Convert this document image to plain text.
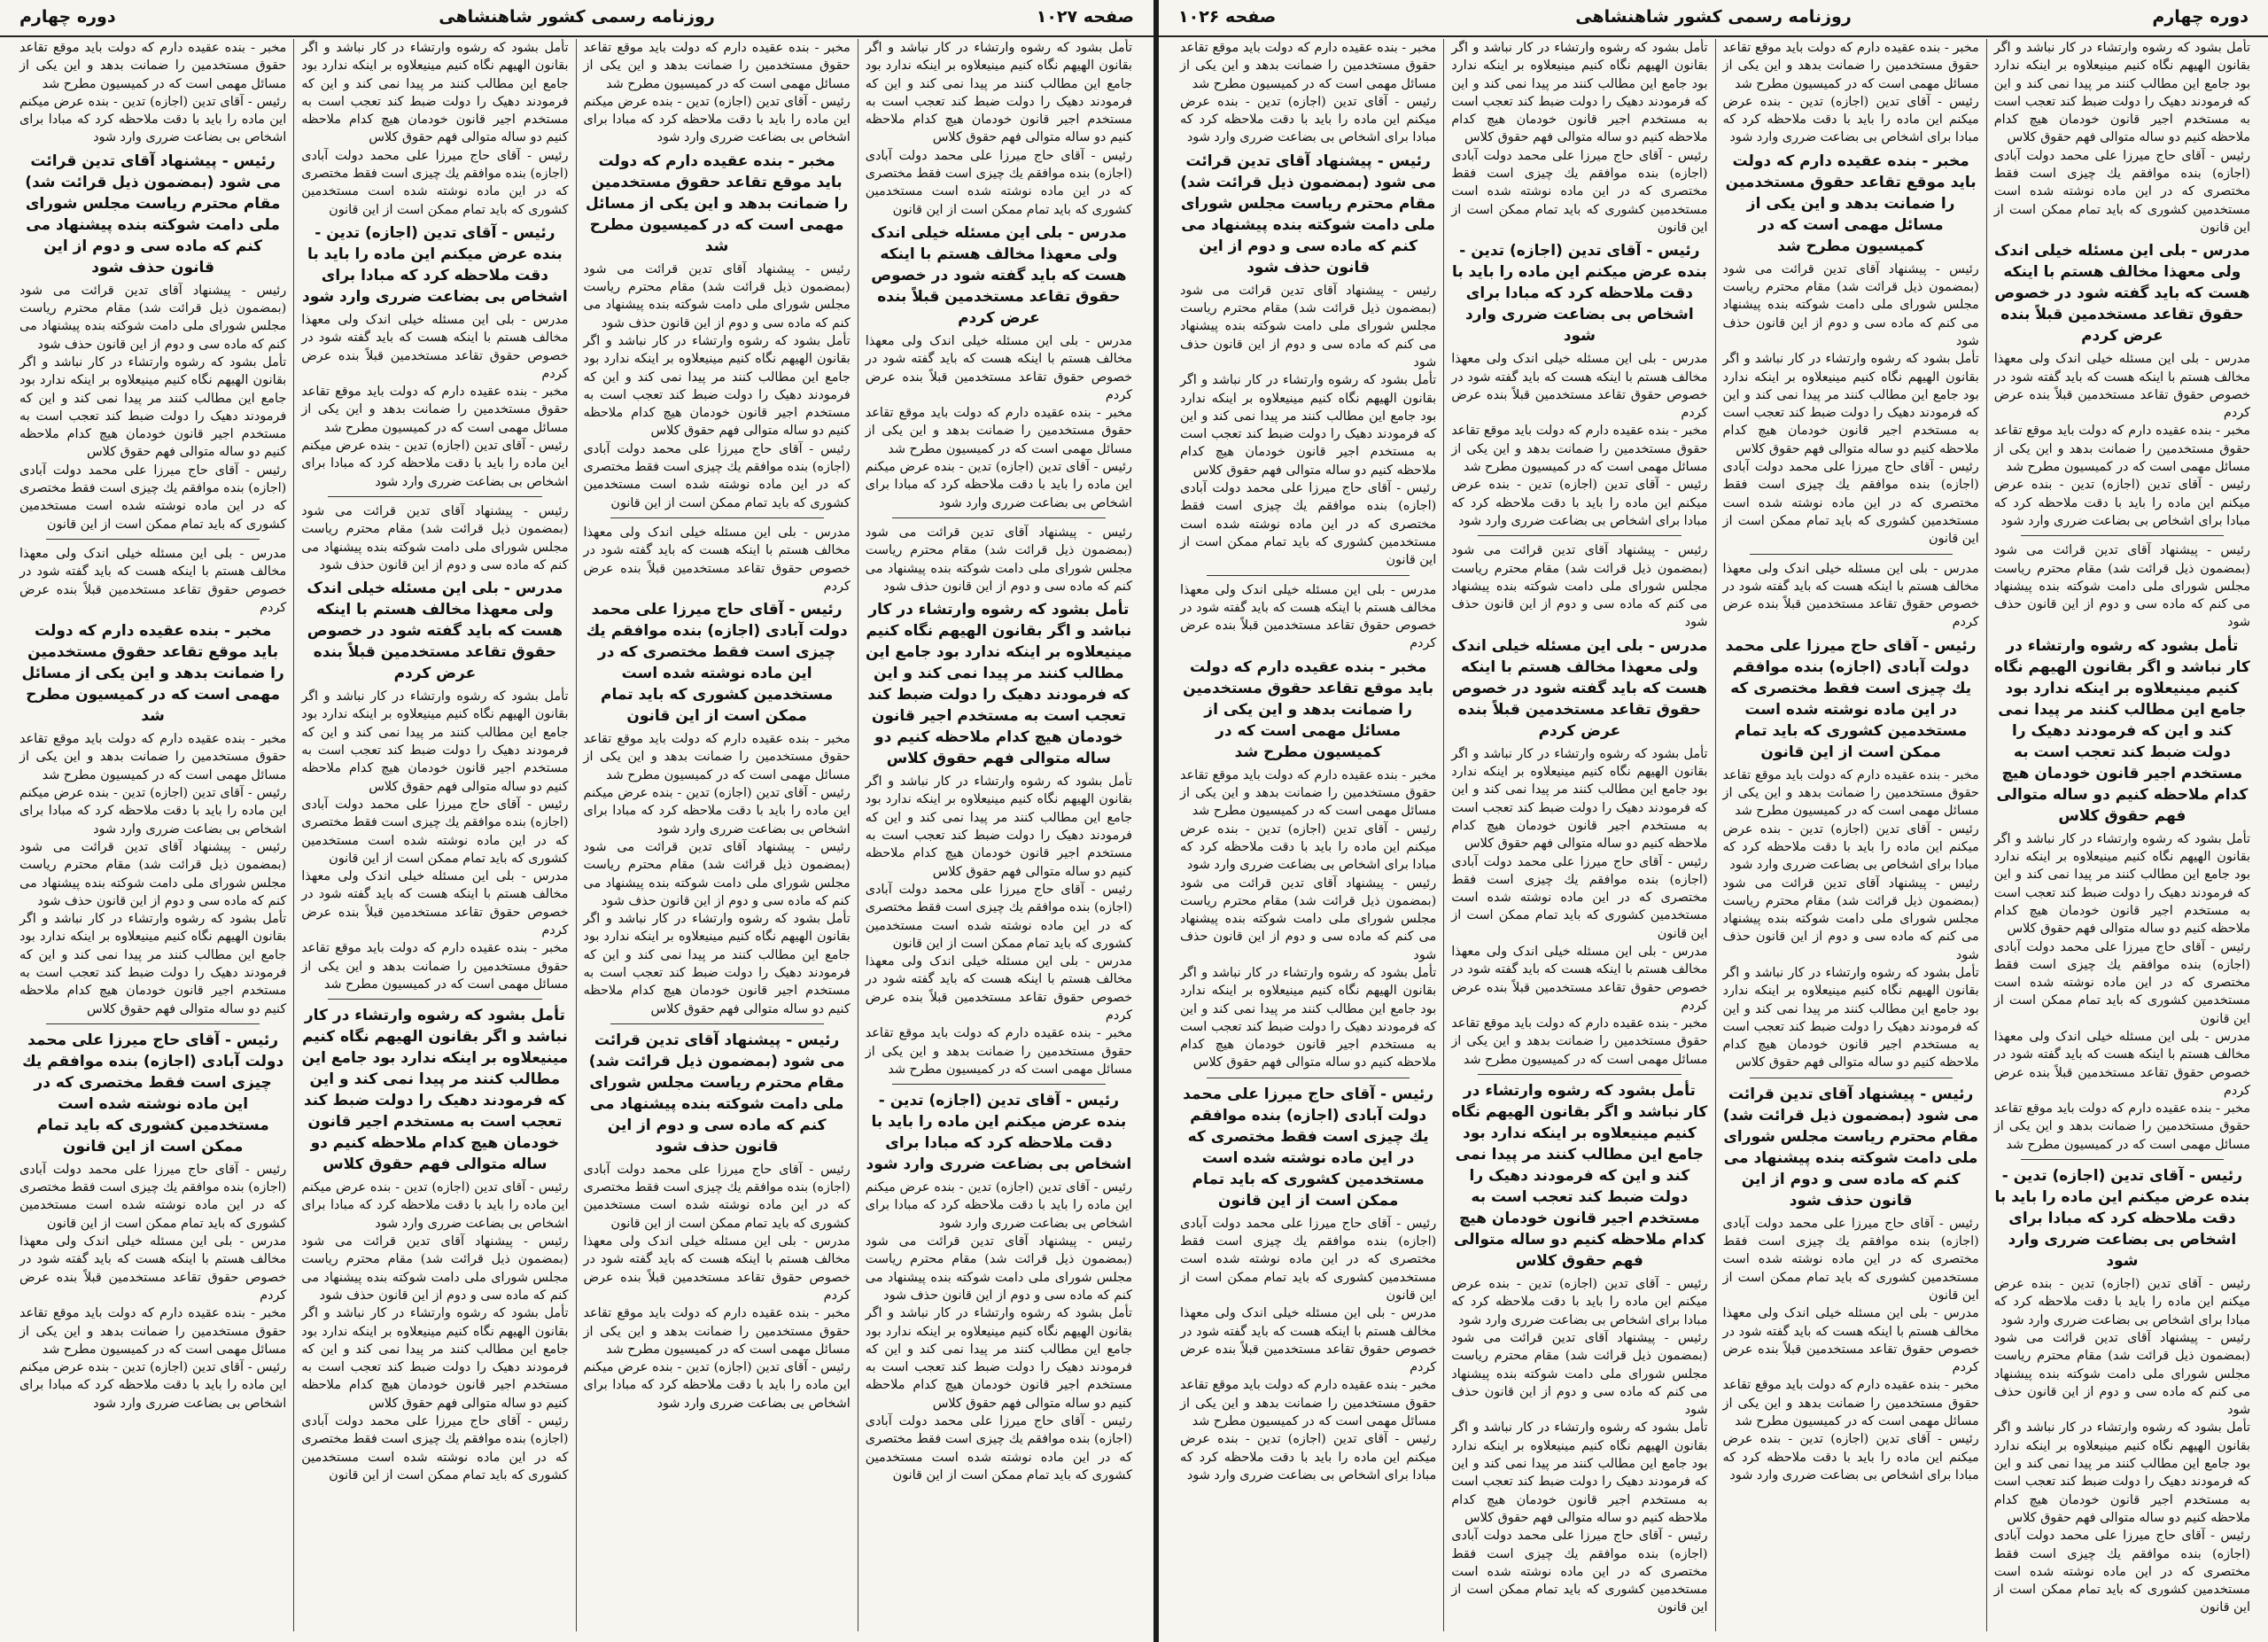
دوره چهارم	روزنامه رسمی کشور شاهنشاهی	صفحه ۱۰۲۷

تأمل بشود که رشوه وارتشاء در کار نباشد و اگر بقانون الهیهم نگاه کنیم مینیعلاوه بر اینکه ندارد بود جامع این مطالب کنند مر پیدا نمی کند و این که فرمودند دهیک را دولت ضبط کند تعجب است به مستخدم اجیر قانون خودمان هیچ کدام ملاحظه کنیم دو ساله متوالی فهم حقوق کلاس

رئیس - آقای حاج میرزا علی محمد دولت آبادی (اجازه) بنده موافقم یك چیزی است فقط مختصری که در این ماده نوشته شده است مستخدمین کشوری که باید تمام ممکن است از این قانون

مدرس - بلی این مسئله خیلی اندک ولی معهذا مخالف هستم با اینکه هست که باید گفته شود در خصوص حقوق تقاعد مستخدمین قبلاً بنده عرض کردم

مدرس - بلی این مسئله خیلی اندک ولی معهذا مخالف هستم با اینکه هست که باید گفته شود در خصوص حقوق تقاعد مستخدمین قبلاً بنده عرض کردم

مخبر - بنده عقیده دارم که دولت باید موقع تقاعد حقوق مستخدمین را ضمانت بدهد و این یکی از مسائل مهمی است که در کمیسیون مطرح شد

رئیس - آقای تدین (اجازه) تدین - بنده عرض میکنم این ماده را باید با دقت ملاحظه کرد که مبادا برای اشخاص بی بضاعت ضرری وارد شود

رئیس - پیشنهاد آقای تدین قرائت می شود (بمضمون ذیل قرائت شد) مقام محترم ریاست مجلس شورای ملی دامت شوکته بنده پیشنهاد می کنم که ماده سی و دوم از این قانون حذف شود

تأمل بشود که رشوه وارتشاء در کار نباشد و اگر بقانون الهیهم نگاه کنیم مینیعلاوه بر اینکه ندارد بود جامع این مطالب کنند مر پیدا نمی کند و این که فرمودند دهیک را دولت ضبط کند تعجب است به مستخدم اجیر قانون خودمان هیچ کدام ملاحظه کنیم دو ساله متوالی فهم حقوق کلاس

تأمل بشود که رشوه وارتشاء در کار نباشد و اگر بقانون الهیهم نگاه کنیم مینیعلاوه بر اینکه ندارد بود جامع این مطالب کنند مر پیدا نمی کند و این که فرمودند دهیک را دولت ضبط کند تعجب است به مستخدم اجیر قانون خودمان هیچ کدام ملاحظه کنیم دو ساله متوالی فهم حقوق کلاس

رئیس - آقای حاج میرزا علی محمد دولت آبادی (اجازه) بنده موافقم یك چیزی است فقط مختصری که در این ماده نوشته شده است مستخدمین کشوری که باید تمام ممکن است از این قانون

مدرس - بلی این مسئله خیلی اندک ولی معهذا مخالف هستم با اینکه هست که باید گفته شود در خصوص حقوق تقاعد مستخدمین قبلاً بنده عرض کردم

مخبر - بنده عقیده دارم که دولت باید موقع تقاعد حقوق مستخدمین را ضمانت بدهد و این یکی از مسائل مهمی است که در کمیسیون مطرح شد

رئیس - آقای تدین (اجازه) تدین - بنده عرض میکنم این ماده را باید با دقت ملاحظه کرد که مبادا برای اشخاص بی بضاعت ضرری وارد شود

رئیس - آقای تدین (اجازه) تدین - بنده عرض میکنم این ماده را باید با دقت ملاحظه کرد که مبادا برای اشخاص بی بضاعت ضرری وارد شود

رئیس - پیشنهاد آقای تدین قرائت می شود (بمضمون ذیل قرائت شد) مقام محترم ریاست مجلس شورای ملی دامت شوکته بنده پیشنهاد می کنم که ماده سی و دوم از این قانون حذف شود

تأمل بشود که رشوه وارتشاء در کار نباشد و اگر بقانون الهیهم نگاه کنیم مینیعلاوه بر اینکه ندارد بود جامع این مطالب کنند مر پیدا نمی کند و این که فرمودند دهیک را دولت ضبط کند تعجب است به مستخدم اجیر قانون خودمان هیچ کدام ملاحظه کنیم دو ساله متوالی فهم حقوق کلاس

رئیس - آقای حاج میرزا علی محمد دولت آبادی (اجازه) بنده موافقم یك چیزی است فقط مختصری که در این ماده نوشته شده است مستخدمین کشوری که باید تمام ممکن است از این قانون

مخبر - بنده عقیده دارم که دولت باید موقع تقاعد حقوق مستخدمین را ضمانت بدهد و این یکی از مسائل مهمی است که در کمیسیون مطرح شد

رئیس - آقای تدین (اجازه) تدین - بنده عرض میکنم این ماده را باید با دقت ملاحظه کرد که مبادا برای اشخاص بی بضاعت ضرری وارد شود

مخبر - بنده عقیده دارم که دولت باید موقع تقاعد حقوق مستخدمین را ضمانت بدهد و این یکی از مسائل مهمی است که در کمیسیون مطرح شد

رئیس - پیشنهاد آقای تدین قرائت می شود (بمضمون ذیل قرائت شد) مقام محترم ریاست مجلس شورای ملی دامت شوکته بنده پیشنهاد می کنم که ماده سی و دوم از این قانون حذف شود

تأمل بشود که رشوه وارتشاء در کار نباشد و اگر بقانون الهیهم نگاه کنیم مینیعلاوه بر اینکه ندارد بود جامع این مطالب کنند مر پیدا نمی کند و این که فرمودند دهیک را دولت ضبط کند تعجب است به مستخدم اجیر قانون خودمان هیچ کدام ملاحظه کنیم دو ساله متوالی فهم حقوق کلاس

رئیس - آقای حاج میرزا علی محمد دولت آبادی (اجازه) بنده موافقم یك چیزی است فقط مختصری که در این ماده نوشته شده است مستخدمین کشوری که باید تمام ممکن است از این قانون

مدرس - بلی این مسئله خیلی اندک ولی معهذا مخالف هستم با اینکه هست که باید گفته شود در خصوص حقوق تقاعد مستخدمین قبلاً بنده عرض کردم

رئیس - آقای حاج میرزا علی محمد دولت آبادی (اجازه) بنده موافقم یك چیزی است فقط مختصری که در این ماده نوشته شده است مستخدمین کشوری که باید تمام ممکن است از این قانون

مخبر - بنده عقیده دارم که دولت باید موقع تقاعد حقوق مستخدمین را ضمانت بدهد و این یکی از مسائل مهمی است که در کمیسیون مطرح شد

رئیس - آقای تدین (اجازه) تدین - بنده عرض میکنم این ماده را باید با دقت ملاحظه کرد که مبادا برای اشخاص بی بضاعت ضرری وارد شود

رئیس - پیشنهاد آقای تدین قرائت می شود (بمضمون ذیل قرائت شد) مقام محترم ریاست مجلس شورای ملی دامت شوکته بنده پیشنهاد می کنم که ماده سی و دوم از این قانون حذف شود

تأمل بشود که رشوه وارتشاء در کار نباشد و اگر بقانون الهیهم نگاه کنیم مینیعلاوه بر اینکه ندارد بود جامع این مطالب کنند مر پیدا نمی کند و این که فرمودند دهیک را دولت ضبط کند تعجب است به مستخدم اجیر قانون خودمان هیچ کدام ملاحظه کنیم دو ساله متوالی فهم حقوق کلاس

رئیس - پیشنهاد آقای تدین قرائت می شود (بمضمون ذیل قرائت شد) مقام محترم ریاست مجلس شورای ملی دامت شوکته بنده پیشنهاد می کنم که ماده سی و دوم از این قانون حذف شود

رئیس - آقای حاج میرزا علی محمد دولت آبادی (اجازه) بنده موافقم یك چیزی است فقط مختصری که در این ماده نوشته شده است مستخدمین کشوری که باید تمام ممکن است از این قانون

مدرس - بلی این مسئله خیلی اندک ولی معهذا مخالف هستم با اینکه هست که باید گفته شود در خصوص حقوق تقاعد مستخدمین قبلاً بنده عرض کردم

مخبر - بنده عقیده دارم که دولت باید موقع تقاعد حقوق مستخدمین را ضمانت بدهد و این یکی از مسائل مهمی است که در کمیسیون مطرح شد

رئیس - آقای تدین (اجازه) تدین - بنده عرض میکنم این ماده را باید با دقت ملاحظه کرد که مبادا برای اشخاص بی بضاعت ضرری وارد شود

تأمل بشود که رشوه وارتشاء در کار نباشد و اگر بقانون الهیهم نگاه کنیم مینیعلاوه بر اینکه ندارد بود جامع این مطالب کنند مر پیدا نمی کند و این که فرمودند دهیک را دولت ضبط کند تعجب است به مستخدم اجیر قانون خودمان هیچ کدام ملاحظه کنیم دو ساله متوالی فهم حقوق کلاس

رئیس - آقای حاج میرزا علی محمد دولت آبادی (اجازه) بنده موافقم یك چیزی است فقط مختصری که در این ماده نوشته شده است مستخدمین کشوری که باید تمام ممکن است از این قانون

رئیس - آقای تدین (اجازه) تدین - بنده عرض میکنم این ماده را باید با دقت ملاحظه کرد که مبادا برای اشخاص بی بضاعت ضرری وارد شود

مدرس - بلی این مسئله خیلی اندک ولی معهذا مخالف هستم با اینکه هست که باید گفته شود در خصوص حقوق تقاعد مستخدمین قبلاً بنده عرض کردم

مخبر - بنده عقیده دارم که دولت باید موقع تقاعد حقوق مستخدمین را ضمانت بدهد و این یکی از مسائل مهمی است که در کمیسیون مطرح شد

رئیس - آقای تدین (اجازه) تدین - بنده عرض میکنم این ماده را باید با دقت ملاحظه کرد که مبادا برای اشخاص بی بضاعت ضرری وارد شود

رئیس - پیشنهاد آقای تدین قرائت می شود (بمضمون ذیل قرائت شد) مقام محترم ریاست مجلس شورای ملی دامت شوکته بنده پیشنهاد می کنم که ماده سی و دوم از این قانون حذف شود

مدرس - بلی این مسئله خیلی اندک ولی معهذا مخالف هستم با اینکه هست که باید گفته شود در خصوص حقوق تقاعد مستخدمین قبلاً بنده عرض کردم

تأمل بشود که رشوه وارتشاء در کار نباشد و اگر بقانون الهیهم نگاه کنیم مینیعلاوه بر اینکه ندارد بود جامع این مطالب کنند مر پیدا نمی کند و این که فرمودند دهیک را دولت ضبط کند تعجب است به مستخدم اجیر قانون خودمان هیچ کدام ملاحظه کنیم دو ساله متوالی فهم حقوق کلاس

رئیس - آقای حاج میرزا علی محمد دولت آبادی (اجازه) بنده موافقم یك چیزی است فقط مختصری که در این ماده نوشته شده است مستخدمین کشوری که باید تمام ممکن است از این قانون

مدرس - بلی این مسئله خیلی اندک ولی معهذا مخالف هستم با اینکه هست که باید گفته شود در خصوص حقوق تقاعد مستخدمین قبلاً بنده عرض کردم

مخبر - بنده عقیده دارم که دولت باید موقع تقاعد حقوق مستخدمین را ضمانت بدهد و این یکی از مسائل مهمی است که در کمیسیون مطرح شد

تأمل بشود که رشوه وارتشاء در کار نباشد و اگر بقانون الهیهم نگاه کنیم مینیعلاوه بر اینکه ندارد بود جامع این مطالب کنند مر پیدا نمی کند و این که فرمودند دهیک را دولت ضبط کند تعجب است به مستخدم اجیر قانون خودمان هیچ کدام ملاحظه کنیم دو ساله متوالی فهم حقوق کلاس

رئیس - آقای تدین (اجازه) تدین - بنده عرض میکنم این ماده را باید با دقت ملاحظه کرد که مبادا برای اشخاص بی بضاعت ضرری وارد شود

رئیس - پیشنهاد آقای تدین قرائت می شود (بمضمون ذیل قرائت شد) مقام محترم ریاست مجلس شورای ملی دامت شوکته بنده پیشنهاد می کنم که ماده سی و دوم از این قانون حذف شود

تأمل بشود که رشوه وارتشاء در کار نباشد و اگر بقانون الهیهم نگاه کنیم مینیعلاوه بر اینکه ندارد بود جامع این مطالب کنند مر پیدا نمی کند و این که فرمودند دهیک را دولت ضبط کند تعجب است به مستخدم اجیر قانون خودمان هیچ کدام ملاحظه کنیم دو ساله متوالی فهم حقوق کلاس

رئیس - آقای حاج میرزا علی محمد دولت آبادی (اجازه) بنده موافقم یك چیزی است فقط مختصری که در این ماده نوشته شده است مستخدمین کشوری که باید تمام ممکن است از این قانون

مخبر - بنده عقیده دارم که دولت باید موقع تقاعد حقوق مستخدمین را ضمانت بدهد و این یکی از مسائل مهمی است که در کمیسیون مطرح شد

رئیس - آقای تدین (اجازه) تدین - بنده عرض میکنم این ماده را باید با دقت ملاحظه کرد که مبادا برای اشخاص بی بضاعت ضرری وارد شود

رئیس - پیشنهاد آقای تدین قرائت می شود (بمضمون ذیل قرائت شد) مقام محترم ریاست مجلس شورای ملی دامت شوکته بنده پیشنهاد می کنم که ماده سی و دوم از این قانون حذف شود

رئیس - پیشنهاد آقای تدین قرائت می شود (بمضمون ذیل قرائت شد) مقام محترم ریاست مجلس شورای ملی دامت شوکته بنده پیشنهاد می کنم که ماده سی و دوم از این قانون حذف شود

تأمل بشود که رشوه وارتشاء در کار نباشد و اگر بقانون الهیهم نگاه کنیم مینیعلاوه بر اینکه ندارد بود جامع این مطالب کنند مر پیدا نمی کند و این که فرمودند دهیک را دولت ضبط کند تعجب است به مستخدم اجیر قانون خودمان هیچ کدام ملاحظه کنیم دو ساله متوالی فهم حقوق کلاس

رئیس - آقای حاج میرزا علی محمد دولت آبادی (اجازه) بنده موافقم یك چیزی است فقط مختصری که در این ماده نوشته شده است مستخدمین کشوری که باید تمام ممکن است از این قانون

مدرس - بلی این مسئله خیلی اندک ولی معهذا مخالف هستم با اینکه هست که باید گفته شود در خصوص حقوق تقاعد مستخدمین قبلاً بنده عرض کردم

مخبر - بنده عقیده دارم که دولت باید موقع تقاعد حقوق مستخدمین را ضمانت بدهد و این یکی از مسائل مهمی است که در کمیسیون مطرح شد

مخبر - بنده عقیده دارم که دولت باید موقع تقاعد حقوق مستخدمین را ضمانت بدهد و این یکی از مسائل مهمی است که در کمیسیون مطرح شد

رئیس - آقای تدین (اجازه) تدین - بنده عرض میکنم این ماده را باید با دقت ملاحظه کرد که مبادا برای اشخاص بی بضاعت ضرری وارد شود

رئیس - پیشنهاد آقای تدین قرائت می شود (بمضمون ذیل قرائت شد) مقام محترم ریاست مجلس شورای ملی دامت شوکته بنده پیشنهاد می کنم که ماده سی و دوم از این قانون حذف شود

تأمل بشود که رشوه وارتشاء در کار نباشد و اگر بقانون الهیهم نگاه کنیم مینیعلاوه بر اینکه ندارد بود جامع این مطالب کنند مر پیدا نمی کند و این که فرمودند دهیک را دولت ضبط کند تعجب است به مستخدم اجیر قانون خودمان هیچ کدام ملاحظه کنیم دو ساله متوالی فهم حقوق کلاس

رئیس - آقای حاج میرزا علی محمد دولت آبادی (اجازه) بنده موافقم یك چیزی است فقط مختصری که در این ماده نوشته شده است مستخدمین کشوری که باید تمام ممکن است از این قانون

رئیس - آقای حاج میرزا علی محمد دولت آبادی (اجازه) بنده موافقم یك چیزی است فقط مختصری که در این ماده نوشته شده است مستخدمین کشوری که باید تمام ممکن است از این قانون

مدرس - بلی این مسئله خیلی اندک ولی معهذا مخالف هستم با اینکه هست که باید گفته شود در خصوص حقوق تقاعد مستخدمین قبلاً بنده عرض کردم

مخبر - بنده عقیده دارم که دولت باید موقع تقاعد حقوق مستخدمین را ضمانت بدهد و این یکی از مسائل مهمی است که در کمیسیون مطرح شد

رئیس - آقای تدین (اجازه) تدین - بنده عرض میکنم این ماده را باید با دقت ملاحظه کرد که مبادا برای اشخاص بی بضاعت ضرری وارد شود

صفحه ۱۰۲۶	روزنامه رسمی کشور شاهنشاهی	دوره چهارم

تأمل بشود که رشوه وارتشاء در کار نباشد و اگر بقانون الهیهم نگاه کنیم مینیعلاوه بر اینکه ندارد بود جامع این مطالب کنند مر پیدا نمی کند و این که فرمودند دهیک را دولت ضبط کند تعجب است به مستخدم اجیر قانون خودمان هیچ کدام ملاحظه کنیم دو ساله متوالی فهم حقوق کلاس

رئیس - آقای حاج میرزا علی محمد دولت آبادی (اجازه) بنده موافقم یك چیزی است فقط مختصری که در این ماده نوشته شده است مستخدمین کشوری که باید تمام ممکن است از این قانون

مدرس - بلی این مسئله خیلی اندک ولی معهذا مخالف هستم با اینکه هست که باید گفته شود در خصوص حقوق تقاعد مستخدمین قبلاً بنده عرض کردم

مدرس - بلی این مسئله خیلی اندک ولی معهذا مخالف هستم با اینکه هست که باید گفته شود در خصوص حقوق تقاعد مستخدمین قبلاً بنده عرض کردم

مخبر - بنده عقیده دارم که دولت باید موقع تقاعد حقوق مستخدمین را ضمانت بدهد و این یکی از مسائل مهمی است که در کمیسیون مطرح شد

رئیس - آقای تدین (اجازه) تدین - بنده عرض میکنم این ماده را باید با دقت ملاحظه کرد که مبادا برای اشخاص بی بضاعت ضرری وارد شود

رئیس - پیشنهاد آقای تدین قرائت می شود (بمضمون ذیل قرائت شد) مقام محترم ریاست مجلس شورای ملی دامت شوکته بنده پیشنهاد می کنم که ماده سی و دوم از این قانون حذف شود

تأمل بشود که رشوه وارتشاء در کار نباشد و اگر بقانون الهیهم نگاه کنیم مینیعلاوه بر اینکه ندارد بود جامع این مطالب کنند مر پیدا نمی کند و این که فرمودند دهیک را دولت ضبط کند تعجب است به مستخدم اجیر قانون خودمان هیچ کدام ملاحظه کنیم دو ساله متوالی فهم حقوق کلاس

تأمل بشود که رشوه وارتشاء در کار نباشد و اگر بقانون الهیهم نگاه کنیم مینیعلاوه بر اینکه ندارد بود جامع این مطالب کنند مر پیدا نمی کند و این که فرمودند دهیک را دولت ضبط کند تعجب است به مستخدم اجیر قانون خودمان هیچ کدام ملاحظه کنیم دو ساله متوالی فهم حقوق کلاس

رئیس - آقای حاج میرزا علی محمد دولت آبادی (اجازه) بنده موافقم یك چیزی است فقط مختصری که در این ماده نوشته شده است مستخدمین کشوری که باید تمام ممکن است از این قانون

مدرس - بلی این مسئله خیلی اندک ولی معهذا مخالف هستم با اینکه هست که باید گفته شود در خصوص حقوق تقاعد مستخدمین قبلاً بنده عرض کردم

مخبر - بنده عقیده دارم که دولت باید موقع تقاعد حقوق مستخدمین را ضمانت بدهد و این یکی از مسائل مهمی است که در کمیسیون مطرح شد

رئیس - آقای تدین (اجازه) تدین - بنده عرض میکنم این ماده را باید با دقت ملاحظه کرد که مبادا برای اشخاص بی بضاعت ضرری وارد شود

رئیس - آقای تدین (اجازه) تدین - بنده عرض میکنم این ماده را باید با دقت ملاحظه کرد که مبادا برای اشخاص بی بضاعت ضرری وارد شود

رئیس - پیشنهاد آقای تدین قرائت می شود (بمضمون ذیل قرائت شد) مقام محترم ریاست مجلس شورای ملی دامت شوکته بنده پیشنهاد می کنم که ماده سی و دوم از این قانون حذف شود

تأمل بشود که رشوه وارتشاء در کار نباشد و اگر بقانون الهیهم نگاه کنیم مینیعلاوه بر اینکه ندارد بود جامع این مطالب کنند مر پیدا نمی کند و این که فرمودند دهیک را دولت ضبط کند تعجب است به مستخدم اجیر قانون خودمان هیچ کدام ملاحظه کنیم دو ساله متوالی فهم حقوق کلاس

رئیس - آقای حاج میرزا علی محمد دولت آبادی (اجازه) بنده موافقم یك چیزی است فقط مختصری که در این ماده نوشته شده است مستخدمین کشوری که باید تمام ممکن است از این قانون

مخبر - بنده عقیده دارم که دولت باید موقع تقاعد حقوق مستخدمین را ضمانت بدهد و این یکی از مسائل مهمی است که در کمیسیون مطرح شد

رئیس - آقای تدین (اجازه) تدین - بنده عرض میکنم این ماده را باید با دقت ملاحظه کرد که مبادا برای اشخاص بی بضاعت ضرری وارد شود

مخبر - بنده عقیده دارم که دولت باید موقع تقاعد حقوق مستخدمین را ضمانت بدهد و این یکی از مسائل مهمی است که در کمیسیون مطرح شد

رئیس - پیشنهاد آقای تدین قرائت می شود (بمضمون ذیل قرائت شد) مقام محترم ریاست مجلس شورای ملی دامت شوکته بنده پیشنهاد می کنم که ماده سی و دوم از این قانون حذف شود

تأمل بشود که رشوه وارتشاء در کار نباشد و اگر بقانون الهیهم نگاه کنیم مینیعلاوه بر اینکه ندارد بود جامع این مطالب کنند مر پیدا نمی کند و این که فرمودند دهیک را دولت ضبط کند تعجب است به مستخدم اجیر قانون خودمان هیچ کدام ملاحظه کنیم دو ساله متوالی فهم حقوق کلاس

رئیس - آقای حاج میرزا علی محمد دولت آبادی (اجازه) بنده موافقم یك چیزی است فقط مختصری که در این ماده نوشته شده است مستخدمین کشوری که باید تمام ممکن است از این قانون

مدرس - بلی این مسئله خیلی اندک ولی معهذا مخالف هستم با اینکه هست که باید گفته شود در خصوص حقوق تقاعد مستخدمین قبلاً بنده عرض کردم

رئیس - آقای حاج میرزا علی محمد دولت آبادی (اجازه) بنده موافقم یك چیزی است فقط مختصری که در این ماده نوشته شده است مستخدمین کشوری که باید تمام ممکن است از این قانون

مخبر - بنده عقیده دارم که دولت باید موقع تقاعد حقوق مستخدمین را ضمانت بدهد و این یکی از مسائل مهمی است که در کمیسیون مطرح شد

رئیس - آقای تدین (اجازه) تدین - بنده عرض میکنم این ماده را باید با دقت ملاحظه کرد که مبادا برای اشخاص بی بضاعت ضرری وارد شود

رئیس - پیشنهاد آقای تدین قرائت می شود (بمضمون ذیل قرائت شد) مقام محترم ریاست مجلس شورای ملی دامت شوکته بنده پیشنهاد می کنم که ماده سی و دوم از این قانون حذف شود

تأمل بشود که رشوه وارتشاء در کار نباشد و اگر بقانون الهیهم نگاه کنیم مینیعلاوه بر اینکه ندارد بود جامع این مطالب کنند مر پیدا نمی کند و این که فرمودند دهیک را دولت ضبط کند تعجب است به مستخدم اجیر قانون خودمان هیچ کدام ملاحظه کنیم دو ساله متوالی فهم حقوق کلاس

رئیس - پیشنهاد آقای تدین قرائت می شود (بمضمون ذیل قرائت شد) مقام محترم ریاست مجلس شورای ملی دامت شوکته بنده پیشنهاد می کنم که ماده سی و دوم از این قانون حذف شود

رئیس - آقای حاج میرزا علی محمد دولت آبادی (اجازه) بنده موافقم یك چیزی است فقط مختصری که در این ماده نوشته شده است مستخدمین کشوری که باید تمام ممکن است از این قانون

مدرس - بلی این مسئله خیلی اندک ولی معهذا مخالف هستم با اینکه هست که باید گفته شود در خصوص حقوق تقاعد مستخدمین قبلاً بنده عرض کردم

مخبر - بنده عقیده دارم که دولت باید موقع تقاعد حقوق مستخدمین را ضمانت بدهد و این یکی از مسائل مهمی است که در کمیسیون مطرح شد

رئیس - آقای تدین (اجازه) تدین - بنده عرض میکنم این ماده را باید با دقت ملاحظه کرد که مبادا برای اشخاص بی بضاعت ضرری وارد شود

تأمل بشود که رشوه وارتشاء در کار نباشد و اگر بقانون الهیهم نگاه کنیم مینیعلاوه بر اینکه ندارد بود جامع این مطالب کنند مر پیدا نمی کند و این که فرمودند دهیک را دولت ضبط کند تعجب است به مستخدم اجیر قانون خودمان هیچ کدام ملاحظه کنیم دو ساله متوالی فهم حقوق کلاس

رئیس - آقای حاج میرزا علی محمد دولت آبادی (اجازه) بنده موافقم یك چیزی است فقط مختصری که در این ماده نوشته شده است مستخدمین کشوری که باید تمام ممکن است از این قانون

رئیس - آقای تدین (اجازه) تدین - بنده عرض میکنم این ماده را باید با دقت ملاحظه کرد که مبادا برای اشخاص بی بضاعت ضرری وارد شود

مدرس - بلی این مسئله خیلی اندک ولی معهذا مخالف هستم با اینکه هست که باید گفته شود در خصوص حقوق تقاعد مستخدمین قبلاً بنده عرض کردم

مخبر - بنده عقیده دارم که دولت باید موقع تقاعد حقوق مستخدمین را ضمانت بدهد و این یکی از مسائل مهمی است که در کمیسیون مطرح شد

رئیس - آقای تدین (اجازه) تدین - بنده عرض میکنم این ماده را باید با دقت ملاحظه کرد که مبادا برای اشخاص بی بضاعت ضرری وارد شود

رئیس - پیشنهاد آقای تدین قرائت می شود (بمضمون ذیل قرائت شد) مقام محترم ریاست مجلس شورای ملی دامت شوکته بنده پیشنهاد می کنم که ماده سی و دوم از این قانون حذف شود

مدرس - بلی این مسئله خیلی اندک ولی معهذا مخالف هستم با اینکه هست که باید گفته شود در خصوص حقوق تقاعد مستخدمین قبلاً بنده عرض کردم

تأمل بشود که رشوه وارتشاء در کار نباشد و اگر بقانون الهیهم نگاه کنیم مینیعلاوه بر اینکه ندارد بود جامع این مطالب کنند مر پیدا نمی کند و این که فرمودند دهیک را دولت ضبط کند تعجب است به مستخدم اجیر قانون خودمان هیچ کدام ملاحظه کنیم دو ساله متوالی فهم حقوق کلاس

رئیس - آقای حاج میرزا علی محمد دولت آبادی (اجازه) بنده موافقم یك چیزی است فقط مختصری که در این ماده نوشته شده است مستخدمین کشوری که باید تمام ممکن است از این قانون

مدرس - بلی این مسئله خیلی اندک ولی معهذا مخالف هستم با اینکه هست که باید گفته شود در خصوص حقوق تقاعد مستخدمین قبلاً بنده عرض کردم

مخبر - بنده عقیده دارم که دولت باید موقع تقاعد حقوق مستخدمین را ضمانت بدهد و این یکی از مسائل مهمی است که در کمیسیون مطرح شد

تأمل بشود که رشوه وارتشاء در کار نباشد و اگر بقانون الهیهم نگاه کنیم مینیعلاوه بر اینکه ندارد بود جامع این مطالب کنند مر پیدا نمی کند و این که فرمودند دهیک را دولت ضبط کند تعجب است به مستخدم اجیر قانون خودمان هیچ کدام ملاحظه کنیم دو ساله متوالی فهم حقوق کلاس

رئیس - آقای تدین (اجازه) تدین - بنده عرض میکنم این ماده را باید با دقت ملاحظه کرد که مبادا برای اشخاص بی بضاعت ضرری وارد شود

رئیس - پیشنهاد آقای تدین قرائت می شود (بمضمون ذیل قرائت شد) مقام محترم ریاست مجلس شورای ملی دامت شوکته بنده پیشنهاد می کنم که ماده سی و دوم از این قانون حذف شود

تأمل بشود که رشوه وارتشاء در کار نباشد و اگر بقانون الهیهم نگاه کنیم مینیعلاوه بر اینکه ندارد بود جامع این مطالب کنند مر پیدا نمی کند و این که فرمودند دهیک را دولت ضبط کند تعجب است به مستخدم اجیر قانون خودمان هیچ کدام ملاحظه کنیم دو ساله متوالی فهم حقوق کلاس

رئیس - آقای حاج میرزا علی محمد دولت آبادی (اجازه) بنده موافقم یك چیزی است فقط مختصری که در این ماده نوشته شده است مستخدمین کشوری که باید تمام ممکن است از این قانون

مخبر - بنده عقیده دارم که دولت باید موقع تقاعد حقوق مستخدمین را ضمانت بدهد و این یکی از مسائل مهمی است که در کمیسیون مطرح شد

رئیس - آقای تدین (اجازه) تدین - بنده عرض میکنم این ماده را باید با دقت ملاحظه کرد که مبادا برای اشخاص بی بضاعت ضرری وارد شود

رئیس - پیشنهاد آقای تدین قرائت می شود (بمضمون ذیل قرائت شد) مقام محترم ریاست مجلس شورای ملی دامت شوکته بنده پیشنهاد می کنم که ماده سی و دوم از این قانون حذف شود

رئیس - پیشنهاد آقای تدین قرائت می شود (بمضمون ذیل قرائت شد) مقام محترم ریاست مجلس شورای ملی دامت شوکته بنده پیشنهاد می کنم که ماده سی و دوم از این قانون حذف شود

تأمل بشود که رشوه وارتشاء در کار نباشد و اگر بقانون الهیهم نگاه کنیم مینیعلاوه بر اینکه ندارد بود جامع این مطالب کنند مر پیدا نمی کند و این که فرمودند دهیک را دولت ضبط کند تعجب است به مستخدم اجیر قانون خودمان هیچ کدام ملاحظه کنیم دو ساله متوالی فهم حقوق کلاس

رئیس - آقای حاج میرزا علی محمد دولت آبادی (اجازه) بنده موافقم یك چیزی است فقط مختصری که در این ماده نوشته شده است مستخدمین کشوری که باید تمام ممکن است از این قانون

مدرس - بلی این مسئله خیلی اندک ولی معهذا مخالف هستم با اینکه هست که باید گفته شود در خصوص حقوق تقاعد مستخدمین قبلاً بنده عرض کردم

مخبر - بنده عقیده دارم که دولت باید موقع تقاعد حقوق مستخدمین را ضمانت بدهد و این یکی از مسائل مهمی است که در کمیسیون مطرح شد

مخبر - بنده عقیده دارم که دولت باید موقع تقاعد حقوق مستخدمین را ضمانت بدهد و این یکی از مسائل مهمی است که در کمیسیون مطرح شد

رئیس - آقای تدین (اجازه) تدین - بنده عرض میکنم این ماده را باید با دقت ملاحظه کرد که مبادا برای اشخاص بی بضاعت ضرری وارد شود

رئیس - پیشنهاد آقای تدین قرائت می شود (بمضمون ذیل قرائت شد) مقام محترم ریاست مجلس شورای ملی دامت شوکته بنده پیشنهاد می کنم که ماده سی و دوم از این قانون حذف شود

تأمل بشود که رشوه وارتشاء در کار نباشد و اگر بقانون الهیهم نگاه کنیم مینیعلاوه بر اینکه ندارد بود جامع این مطالب کنند مر پیدا نمی کند و این که فرمودند دهیک را دولت ضبط کند تعجب است به مستخدم اجیر قانون خودمان هیچ کدام ملاحظه کنیم دو ساله متوالی فهم حقوق کلاس

رئیس - آقای حاج میرزا علی محمد دولت آبادی (اجازه) بنده موافقم یك چیزی است فقط مختصری که در این ماده نوشته شده است مستخدمین کشوری که باید تمام ممکن است از این قانون

رئیس - آقای حاج میرزا علی محمد دولت آبادی (اجازه) بنده موافقم یك چیزی است فقط مختصری که در این ماده نوشته شده است مستخدمین کشوری که باید تمام ممکن است از این قانون

مدرس - بلی این مسئله خیلی اندک ولی معهذا مخالف هستم با اینکه هست که باید گفته شود در خصوص حقوق تقاعد مستخدمین قبلاً بنده عرض کردم

مخبر - بنده عقیده دارم که دولت باید موقع تقاعد حقوق مستخدمین را ضمانت بدهد و این یکی از مسائل مهمی است که در کمیسیون مطرح شد

رئیس - آقای تدین (اجازه) تدین - بنده عرض میکنم این ماده را باید با دقت ملاحظه کرد که مبادا برای اشخاص بی بضاعت ضرری وارد شود
